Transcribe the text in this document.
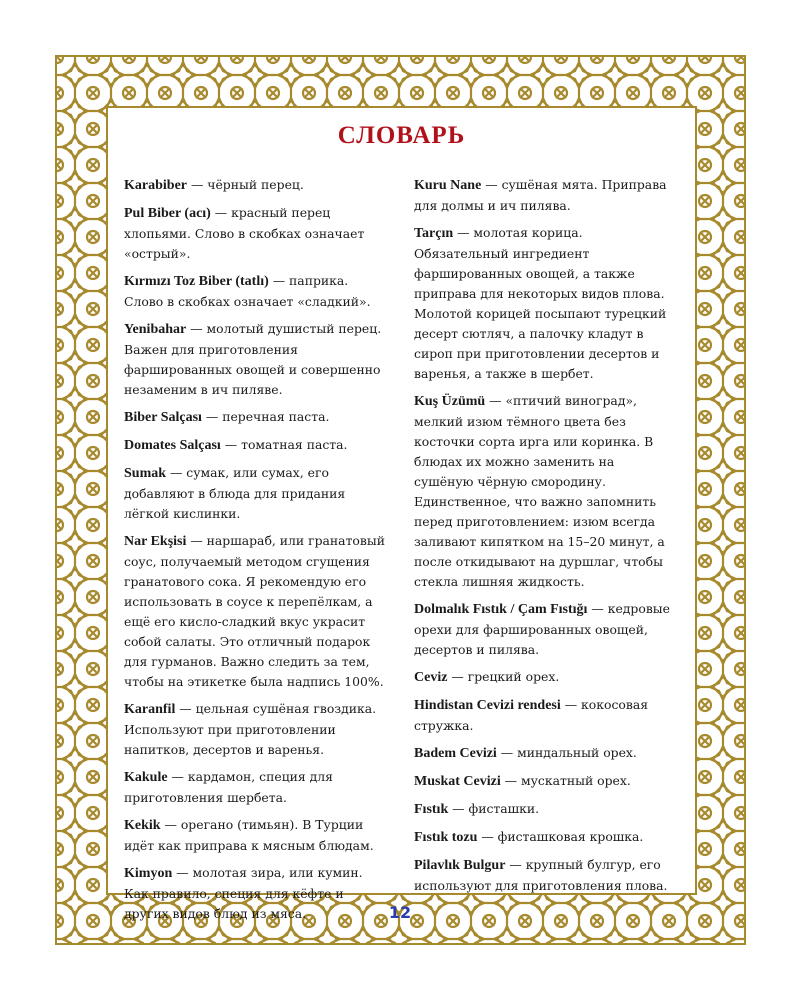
СЛОВАРЬ

Karabiber — чёрный перец.

Pul Biber (acı) — красный перец хлопьями. Слово в скобках означает «острый».

Kırmızı Toz Biber (tatlı) — паприка. Слово в скобках означает «сладкий».

Yenibahar — молотый душистый перец. Важен для приготовления фаршированных овощей и совершенно незаменим в ич пиляве.

Biber Salçası — перечная паста.

Domates Salçası — томатная паста.

Sumak — сумак, или сумах, его добавляют в блюда для придания лёгкой кислинки.

Nar Ekşisi — наршараб, или гранатовый соус, получаемый методом сгущения гранатового сока. Я рекомендую его использовать в соусе к перепёлкам, а ещё его кисло-сладкий вкус украсит собой салаты. Это отличный подарок для гурманов. Важно следить за тем, чтобы на этикетке была надпись 100%.

Karanfil — цельная сушёная гвоздика. Используют при приготовлении напитков, десертов и варенья.

Kakule — кардамон, специя для приготовления шербета.

Kekik — орегано (тимьян). В Турции идёт как приправа к мясным блюдам.

Kimyon — молотая зира, или кумин. Как правило, специя для кёфте и других видов блюд из мяса.

Kuru Nane — сушёная мята. Приправа для долмы и ич пилява.

Tarçın — молотая корица. Обязательный ингредиент фаршированных овощей, а также приправа для некоторых видов плова. Молотой корицей посыпают турецкий десерт сютляч, а палочку кладут в сироп при приготовлении десертов и варенья, а также в шербет.

Kuş Üzümü — «птичий виноград», мелкий изюм тёмного цвета без косточки сорта ирга или коринка. В блюдах их можно заменить на сушёную чёрную смородину. Единственное, что важно запомнить перед приготовлением: изюм всегда заливают кипятком на 15–20 минут, а после откидывают на дуршлаг, чтобы стекла лишняя жидкость.

Dolmalık Fıstık / Çam Fıstığı — кедровые орехи для фаршированных овощей, десертов и пилява.

Ceviz — грецкий орех.

Hindistan Cevizi rendesi — кокосовая стружка.

Badem Cevizi — миндальный орех.

Muskat Cevizi — мускатный орех.

Fıstık — фисташки.

Fıstık tozu — фисташковая крошка.

Pilavlık Bulgur — крупный булгур, его используют для приготовления плова.

12
